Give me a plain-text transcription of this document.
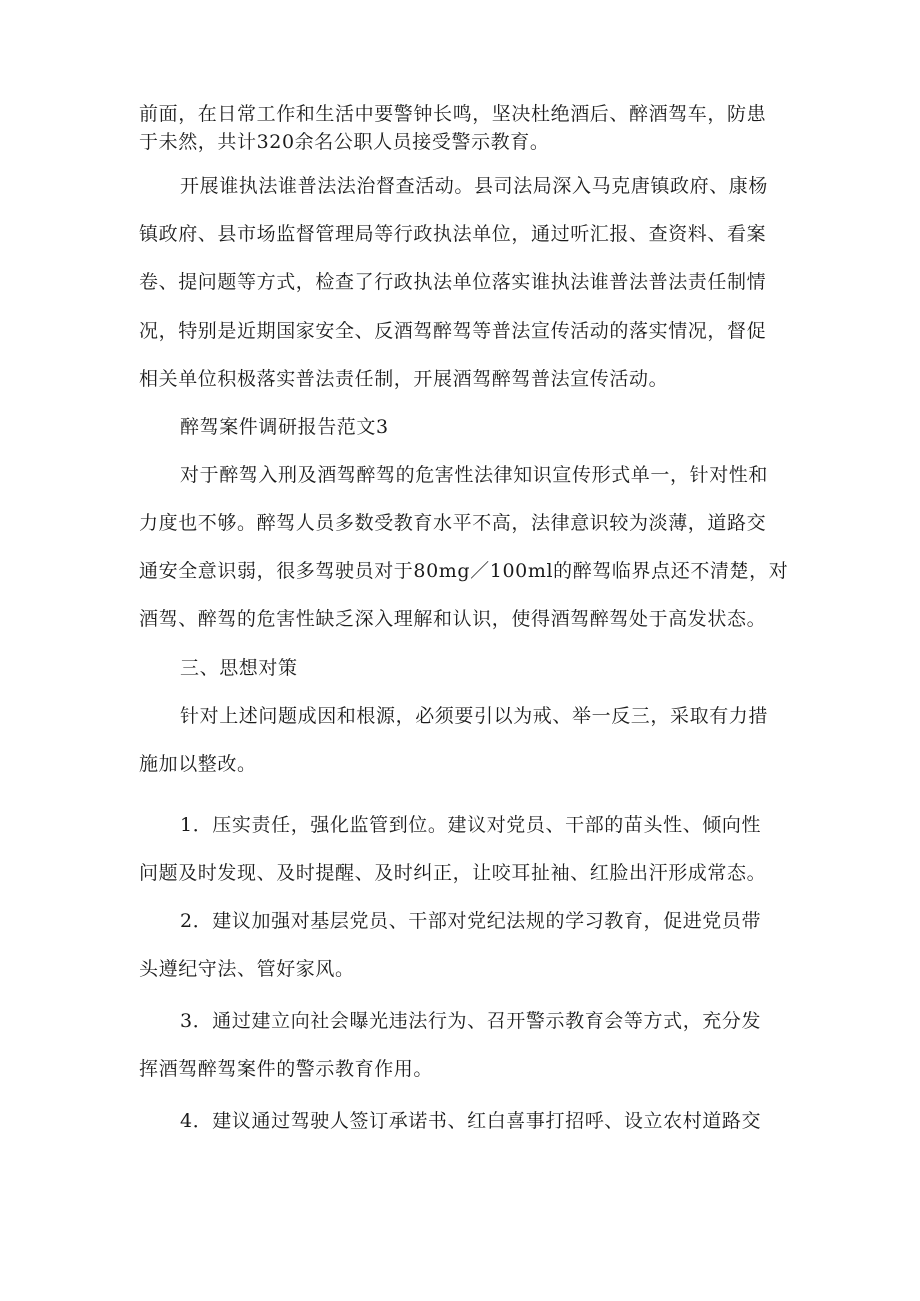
前面，在日常工作和生活中要警钟长鸣，坚决杜绝酒后、醉酒驾车，防患
于未然，共计320余名公职人员接受警示教育。
开展谁执法谁普法法治督查活动。县司法局深入马克唐镇政府、康杨
镇政府、县市场监督管理局等行政执法单位，通过听汇报、查资料、看案
卷、提问题等方式，检查了行政执法单位落实谁执法谁普法普法责任制情
况，特别是近期国家安全、反酒驾醉驾等普法宣传活动的落实情况，督促
相关单位积极落实普法责任制，开展酒驾醉驾普法宣传活动。
醉驾案件调研报告范文3
对于醉驾入刑及酒驾醉驾的危害性法律知识宣传形式单一，针对性和
力度也不够。醉驾人员多数受教育水平不高，法律意识较为淡薄，道路交
通安全意识弱，很多驾驶员对于80mg／100ml的醉驾临界点还不清楚，对
酒驾、醉驾的危害性缺乏深入理解和认识，使得酒驾醉驾处于高发状态。
三、思想对策
针对上述问题成因和根源，必须要引以为戒、举一反三，采取有力措
施加以整改。
1．压实责任，强化监管到位。建议对党员、干部的苗头性、倾向性
问题及时发现、及时提醒、及时纠正，让咬耳扯袖、红脸出汗形成常态。
2．建议加强对基层党员、干部对党纪法规的学习教育，促进党员带
头遵纪守法、管好家风。
3．通过建立向社会曝光违法行为、召开警示教育会等方式，充分发
挥酒驾醉驾案件的警示教育作用。
4．建议通过驾驶人签订承诺书、红白喜事打招呼、设立农村道路交
